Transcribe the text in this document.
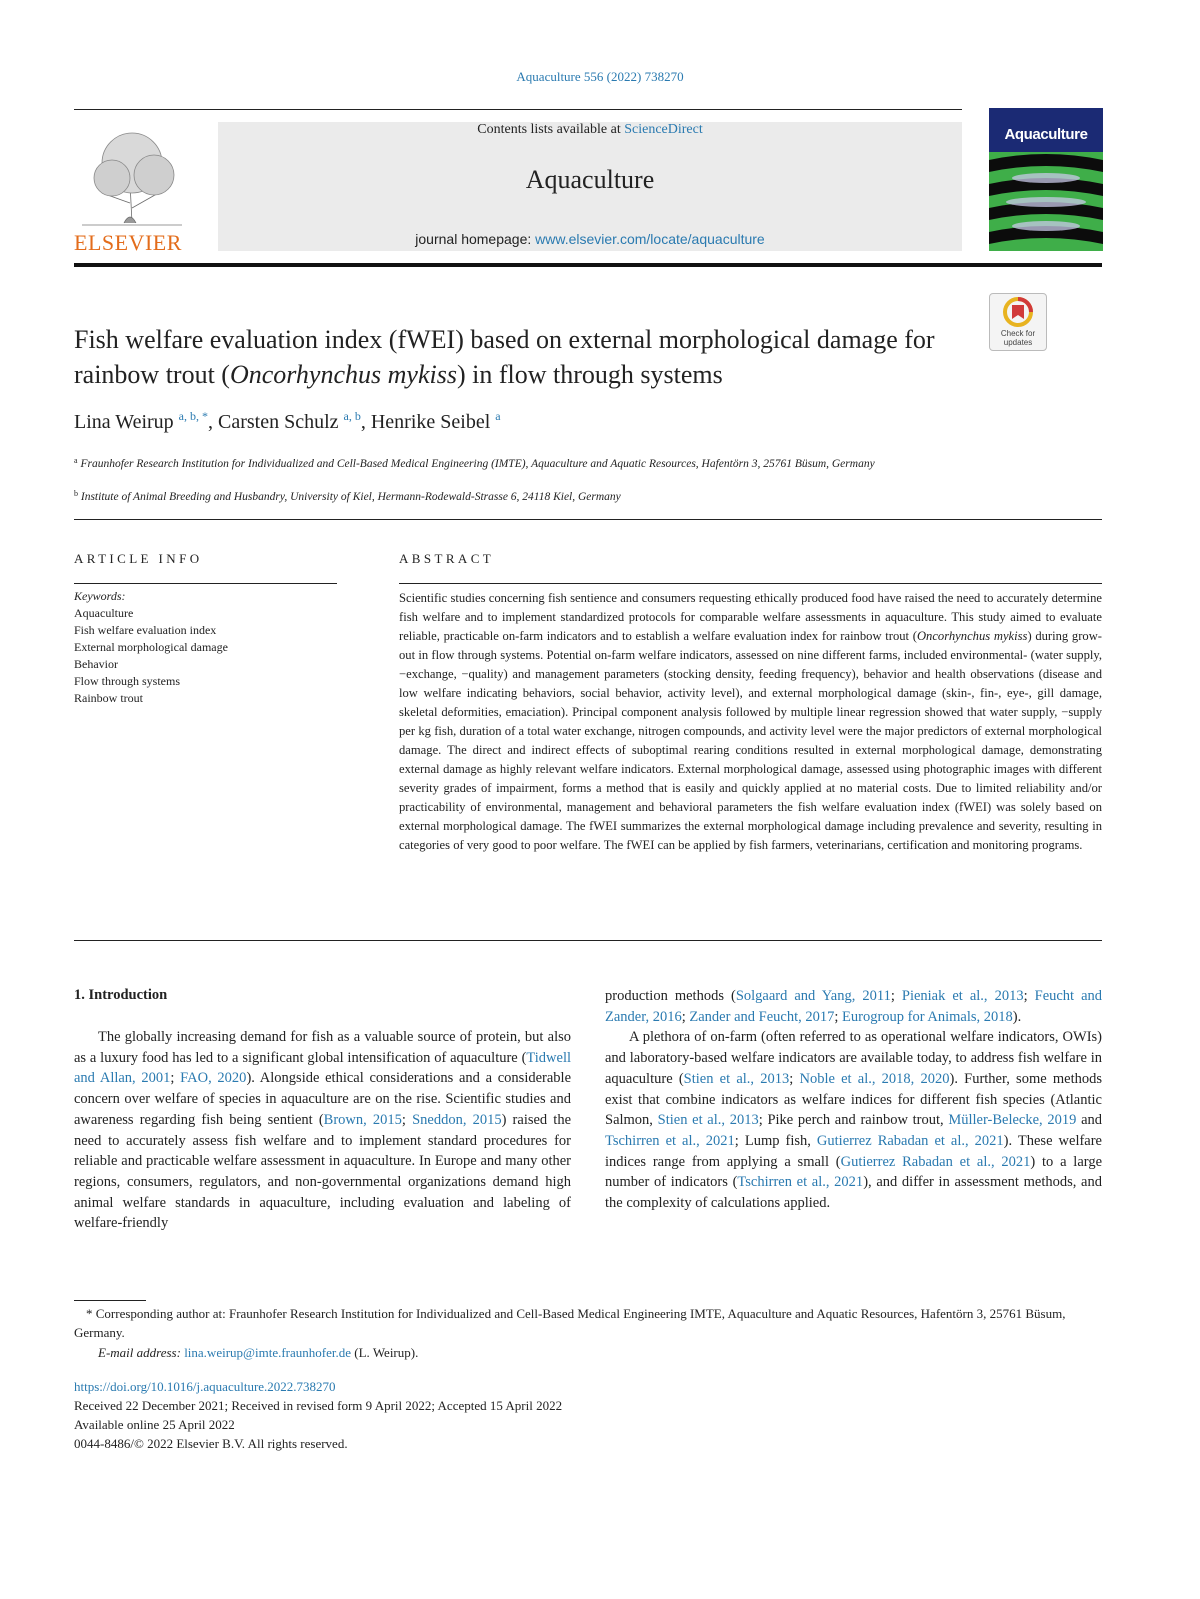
Aquaculture 556 (2022) 738270
ELSEVIER
Contents lists available at ScienceDirect
Aquaculture
journal homepage: www.elsevier.com/locate/aquaculture
Aquaculture
Check for updates
Fish welfare evaluation index (fWEI) based on external morphological damage for rainbow trout (Oncorhynchus mykiss) in flow through systems
Lina Weirup $^{a, b, *}$, Carsten Schulz $^{a, b}$, Henrike Seibel $^a$
$^a$ Fraunhofer Research Institution for Individualized and Cell-Based Medical Engineering (IMTE), Aquaculture and Aquatic Resources, Hafentörn 3, 25761 Büsum, Germany
$^b$ Institute of Animal Breeding and Husbandry, University of Kiel, Hermann-Rodewald-Strasse 6, 24118 Kiel, Germany
ARTICLE INFO	ABSTRACT
Keywords:
Aquaculture
Fish welfare evaluation index
External morphological damage
Behavior
Flow through systems
Rainbow trout
Scientific studies concerning fish sentience and consumers requesting ethically produced food have raised the need to accurately determine fish welfare and to implement standardized protocols for comparable welfare assessments in aquaculture. This study aimed to evaluate reliable, practicable on-farm indicators and to establish a welfare evaluation index for rainbow trout (Oncorhynchus mykiss) during grow-out in flow through systems. Potential on-farm welfare indicators, assessed on nine different farms, included environmental- (water supply, −exchange, −quality) and management parameters (stocking density, feeding frequency), behavior and health observations (disease and low welfare indicating behaviors, social behavior, activity level), and external morphological damage (skin-, fin-, eye-, gill damage, skeletal deformities, emaciation). Principal component analysis followed by multiple linear regression showed that water supply, −supply per kg fish, duration of a total water exchange, nitrogen compounds, and activity level were the major predictors of external morphological damage. The direct and indirect effects of suboptimal rearing conditions resulted in external morphological damage, demonstrating external damage as highly relevant welfare indicators. External morphological damage, assessed using photographic images with different severity grades of impairment, forms a method that is easily and quickly applied at no material costs. Due to limited reliability and/or practicability of environmental, management and behavioral parameters the fish welfare evaluation index (fWEI) was solely based on external morphological damage. The fWEI summarizes the external morphological damage including prevalence and severity, resulting in categories of very good to poor welfare. The fWEI can be applied by fish farmers, veterinarians, certification and monitoring programs.
1. Introduction

The globally increasing demand for fish as a valuable source of protein, but also as a luxury food has led to a significant global intensification of aquaculture (Tidwell and Allan, 2001; FAO, 2020). Alongside ethical considerations and a considerable concern over welfare of species in aquaculture are on the rise. Scientific studies and awareness regarding fish being sentient (Brown, 2015; Sneddon, 2015) raised the need to accurately assess fish welfare and to implement standard procedures for reliable and practicable welfare assessment in aquaculture. In Europe and many other regions, consumers, regulators, and non-governmental organizations demand high animal welfare standards in aquaculture, including evaluation and labeling of welfare-friendly

production methods (Solgaard and Yang, 2011; Pieniak et al., 2013; Feucht and Zander, 2016; Zander and Feucht, 2017; Eurogroup for Animals, 2018).

A plethora of on-farm (often referred to as operational welfare indicators, OWIs) and laboratory-based welfare indicators are available today, to address fish welfare in aquaculture (Stien et al., 2013; Noble et al., 2018, 2020). Further, some methods exist that combine indicators as welfare indices for different fish species (Atlantic Salmon, Stien et al., 2013; Pike perch and rainbow trout, Müller-Belecke, 2019 and Tschirren et al., 2021; Lump fish, Gutierrez Rabadan et al., 2021). These welfare indices range from applying a small (Gutierrez Rabadan et al., 2021) to a large number of indicators (Tschirren et al., 2021), and differ in assessment methods, and the complexity of calculations applied.

* Corresponding author at: Fraunhofer Research Institution for Individualized and Cell-Based Medical Engineering IMTE, Aquaculture and Aquatic Resources, Hafentörn 3, 25761 Büsum, Germany.
E-mail address: lina.weirup@imte.fraunhofer.de (L. Weirup).
https://doi.org/10.1016/j.aquaculture.2022.738270
Received 22 December 2021; Received in revised form 9 April 2022; Accepted 15 April 2022
Available online 25 April 2022
0044-8486/© 2022 Elsevier B.V. All rights reserved.
